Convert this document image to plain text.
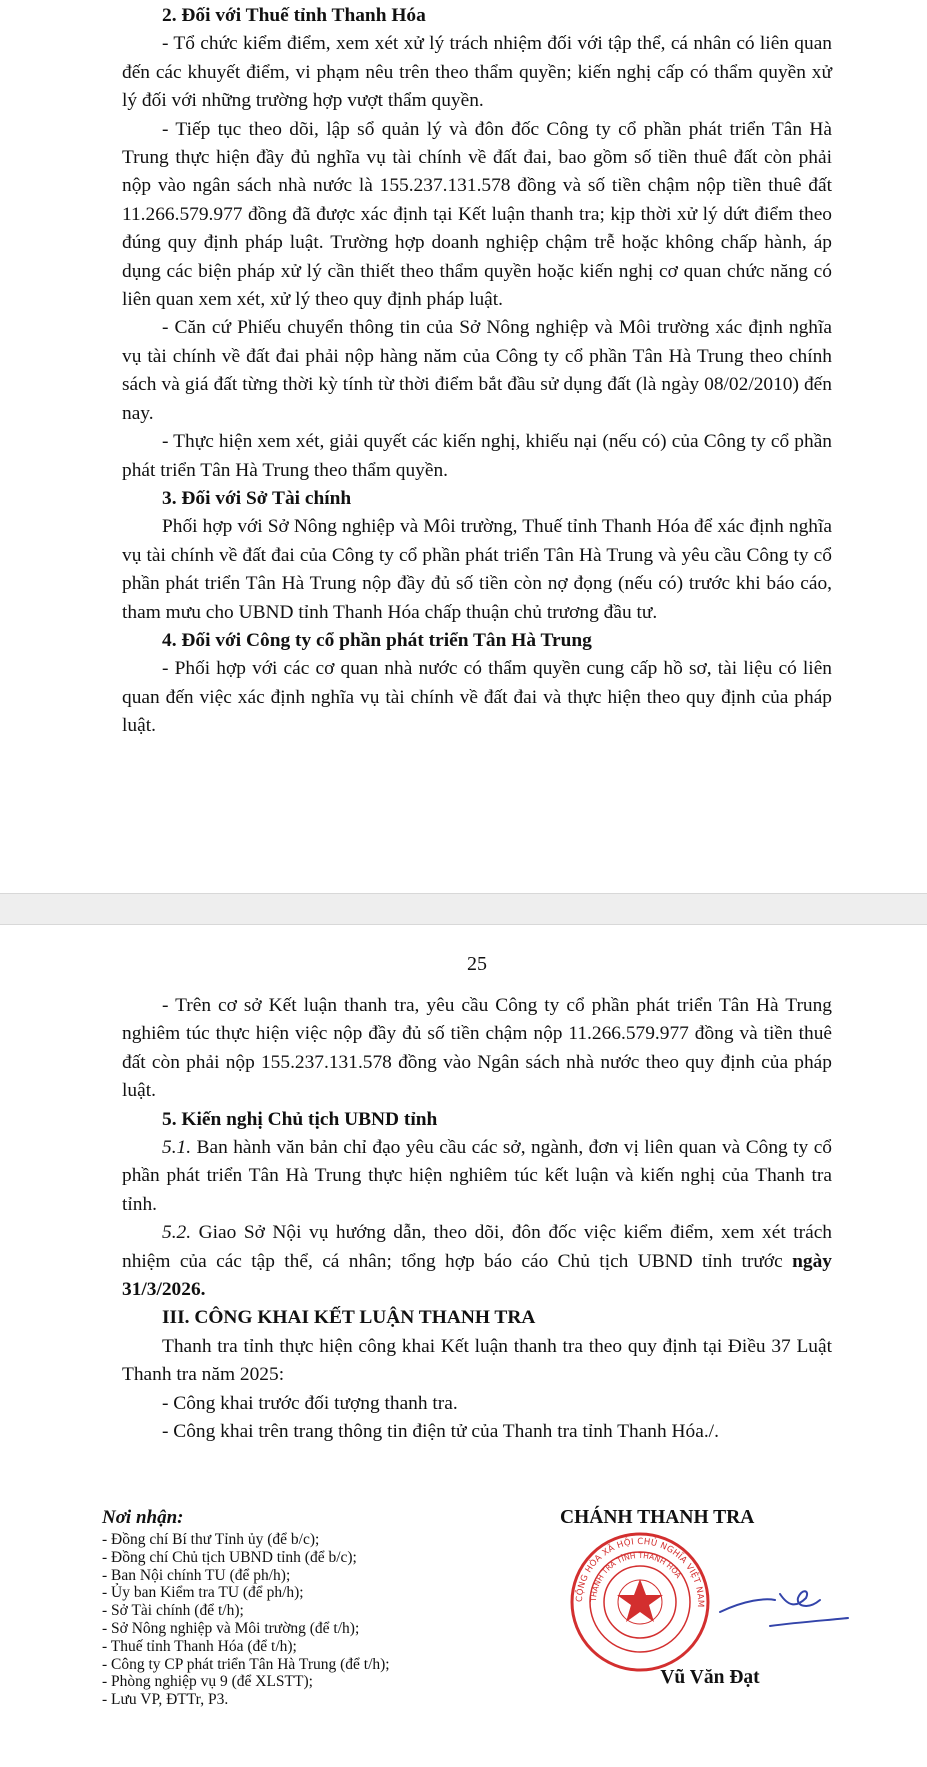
2. Đối với Thuế tỉnh Thanh Hóa

- Tổ chức kiểm điểm, xem xét xử lý trách nhiệm đối với tập thể, cá nhân có liên quan đến các khuyết điểm, vi phạm nêu trên theo thẩm quyền; kiến nghị cấp có thẩm quyền xử lý đối với những trường hợp vượt thẩm quyền.

- Tiếp tục theo dõi, lập sổ quản lý và đôn đốc Công ty cổ phần phát triển Tân Hà Trung thực hiện đầy đủ nghĩa vụ tài chính về đất đai, bao gồm số tiền thuê đất còn phải nộp vào ngân sách nhà nước là 155.237.131.578 đồng và số tiền chậm nộp tiền thuê đất 11.266.579.977 đồng đã được xác định tại Kết luận thanh tra; kịp thời xử lý dứt điểm theo đúng quy định pháp luật. Trường hợp doanh nghiệp chậm trễ hoặc không chấp hành, áp dụng các biện pháp xử lý cần thiết theo thẩm quyền hoặc kiến nghị cơ quan chức năng có liên quan xem xét, xử lý theo quy định pháp luật.

- Căn cứ Phiếu chuyển thông tin của Sở Nông nghiệp và Môi trường xác định nghĩa vụ tài chính về đất đai phải nộp hàng năm của Công ty cổ phần Tân Hà Trung theo chính sách và giá đất từng thời kỳ tính từ thời điểm bắt đầu sử dụng đất (là ngày 08/02/2010) đến nay.

- Thực hiện xem xét, giải quyết các kiến nghị, khiếu nại (nếu có) của Công ty cổ phần phát triển Tân Hà Trung theo thẩm quyền.

3. Đối với Sở Tài chính

Phối hợp với Sở Nông nghiệp và Môi trường, Thuế tỉnh Thanh Hóa để xác định nghĩa vụ tài chính về đất đai của Công ty cổ phần phát triển Tân Hà Trung và yêu cầu Công ty cổ phần phát triển Tân Hà Trung nộp đầy đủ số tiền còn nợ đọng (nếu có) trước khi báo cáo, tham mưu cho UBND tỉnh Thanh Hóa chấp thuận chủ trương đầu tư.

4. Đối với Công ty cổ phần phát triển Tân Hà Trung

- Phối hợp với các cơ quan nhà nước có thẩm quyền cung cấp hồ sơ, tài liệu có liên quan đến việc xác định nghĩa vụ tài chính về đất đai và thực hiện theo quy định của pháp luật.

25

- Trên cơ sở Kết luận thanh tra, yêu cầu Công ty cổ phần phát triển Tân Hà Trung nghiêm túc thực hiện việc nộp đầy đủ số tiền chậm nộp 11.266.579.977 đồng và tiền thuê đất còn phải nộp 155.237.131.578 đồng vào Ngân sách nhà nước theo quy định của pháp luật.

5. Kiến nghị Chủ tịch UBND tỉnh

5.1. Ban hành văn bản chỉ đạo yêu cầu các sở, ngành, đơn vị liên quan và Công ty cổ phần phát triển Tân Hà Trung thực hiện nghiêm túc kết luận và kiến nghị của Thanh tra tỉnh.

5.2. Giao Sở Nội vụ hướng dẫn, theo dõi, đôn đốc việc kiểm điểm, xem xét trách nhiệm của các tập thể, cá nhân; tổng hợp báo cáo Chủ tịch UBND tỉnh trước ngày 31/3/2026.

III. CÔNG KHAI KẾT LUẬN THANH TRA

Thanh tra tỉnh thực hiện công khai Kết luận thanh tra theo quy định tại Điều 37 Luật Thanh tra năm 2025:

- Công khai trước đối tượng thanh tra.

- Công khai trên trang thông tin điện tử của Thanh tra tỉnh Thanh Hóa./.

Nơi nhận:

- Đồng chí Bí thư Tỉnh ủy (để b/c);

- Đồng chí Chủ tịch UBND tỉnh (để b/c);

- Ban Nội chính TU (để ph/h);

- Ủy ban Kiểm tra TU (để ph/h);

- Sở Tài chính (để t/h);

- Sở Nông nghiệp và Môi trường (để t/h);

- Thuế tỉnh Thanh Hóa (để t/h);

- Công ty CP phát triển Tân Hà Trung (để t/h);

- Phòng nghiệp vụ 9 (để XLSTT);

- Lưu VP, ĐTTr, P3.

CHÁNH THANH TRA

CỘNG HÒA XÃ HỘI CHỦ NGHĨA VIỆT NAM
THANH TRA TỈNH THANH HÓA
Vũ Văn Đạt
